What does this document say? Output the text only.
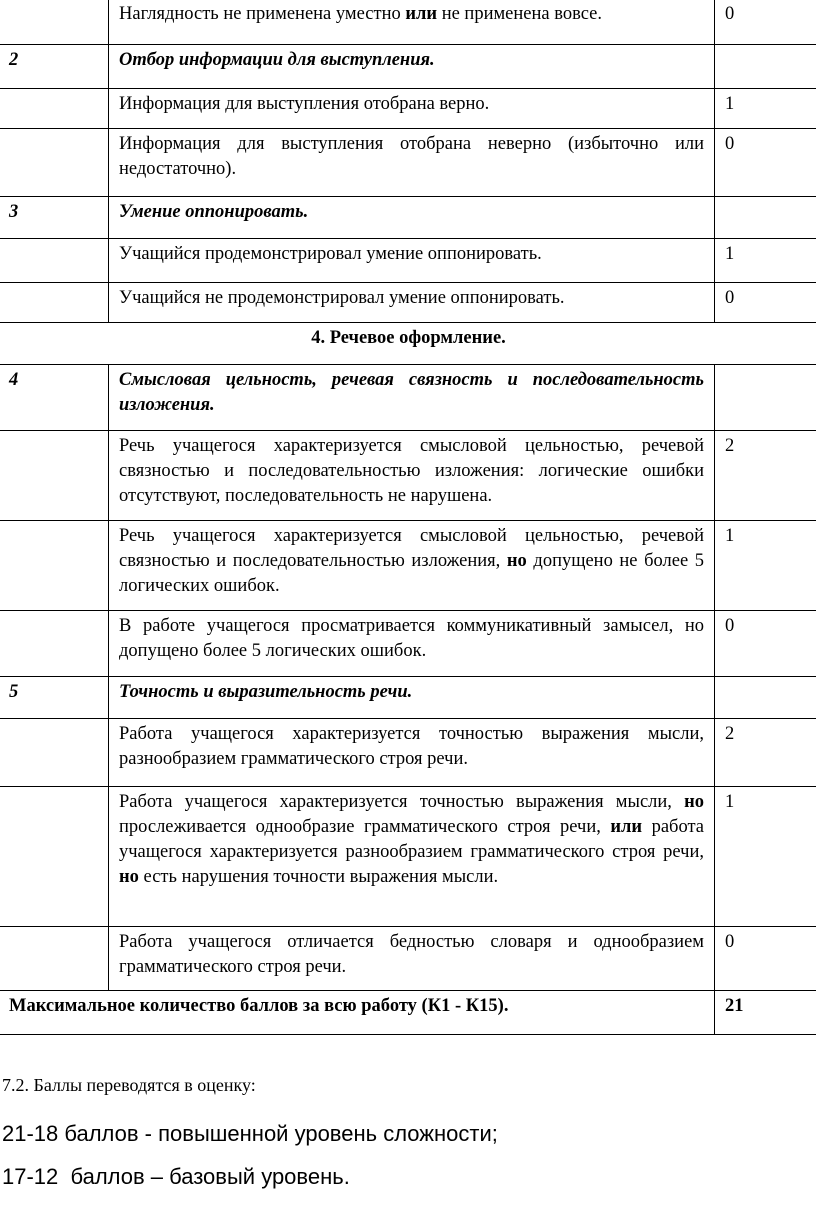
	Наглядность не применена уместно или не применена вовсе.	0
2	Отбор информации для выступления.	
	Информация для выступления отобрана верно.	1
	Информация для выступления отобрана неверно (избыточно или недостаточно).	0
3	Умение оппонировать.	
	Учащийся продемонстрировал умение оппонировать.	1
	Учащийся не продемонстрировал умение оппонировать.	0
4. Речевое оформление.		
4	Смысловая цельность, речевая связность и последовательность изложения.	
	Речь учащегося характеризуется смысловой цельностью, речевой связностью и последовательностью изложения: логические ошибки отсутствуют, последовательность не нарушена.	2
	Речь учащегося характеризуется смысловой цельностью, речевой связностью и последовательностью изложения, но допущено не более 5 логических ошибок.	1
	В работе учащегося просматривается коммуникативный замысел, но допущено более 5 логических ошибок.	0
5	Точность и выразительность речи.	
	Работа учащегося характеризуется точностью выражения мысли, разнообразием грамматического строя речи.	2
	Работа учащегося характеризуется точностью выражения мысли, но прослеживается однообразие грамматического строя речи, или работа учащегося характеризуется разнообразием грамматического строя речи, но есть нарушения точности выражения мысли.	1
	Работа учащегося отличается бедностью словаря и однообразием грамматического строя речи.	0
Максимальное количество баллов за всю работу (К1 - К15).		21
7.2. Баллы переводятся в оценку:
21-18 баллов - повышенной уровень сложности;
17-12  баллов – базовый уровень.
